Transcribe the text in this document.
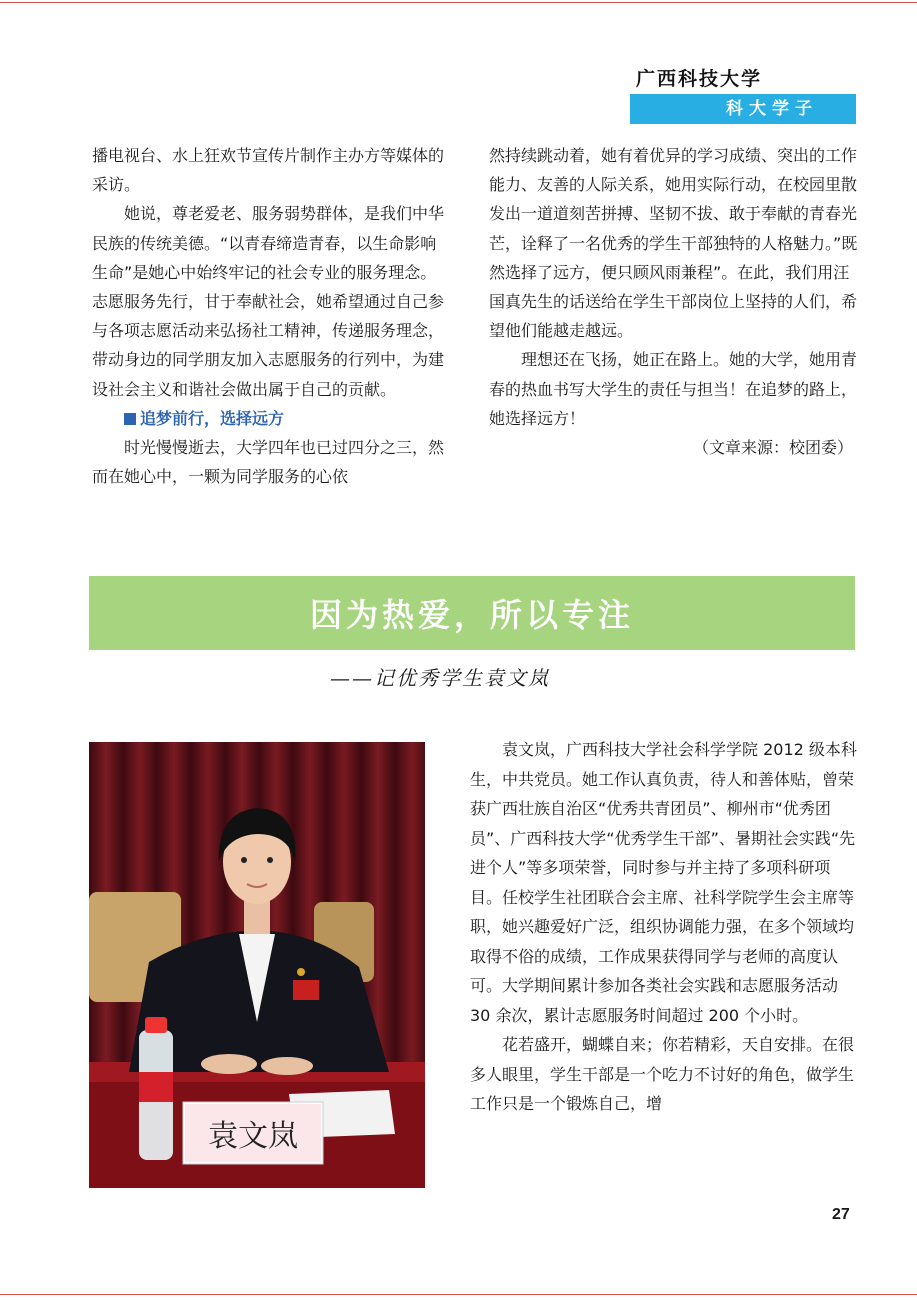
广西科技大学
科大学子

播电视台、水上狂欢节宣传片制作主办方等媒体的采访。

她说，尊老爱老、服务弱势群体，是我们中华民族的传统美德。“以青春缔造青春，以生命影响生命”是她心中始终牢记的社会专业的服务理念。志愿服务先行，甘于奉献社会，她希望通过自己参与各项志愿活动来弘扬社工精神，传递服务理念，带动身边的同学朋友加入志愿服务的行列中，为建设社会主义和谐社会做出属于自己的贡献。

追梦前行，选择远方

时光慢慢逝去，大学四年也已过四分之三，然而在她心中，一颗为同学服务的心依

然持续跳动着，她有着优异的学习成绩、突出的工作能力、友善的人际关系，她用实际行动，在校园里散发出一道道刻苦拼搏、坚韧不拔、敢于奉献的青春光芒，诠释了一名优秀的学生干部独特的人格魅力。”既然选择了远方，便只顾风雨兼程”。在此，我们用汪国真先生的话送给在学生干部岗位上坚持的人们，希望他们能越走越远。

理想还在飞扬，她正在路上。她的大学，她用青春的热血书写大学生的责任与担当！在追梦的路上，她选择远方！

（文章来源：校团委）

因为热爱，所以专注
——记优秀学生袁文岚
袁文岚

袁文岚，广西科技大学社会科学学院 2012 级本科生，中共党员。她工作认真负责，待人和善体贴，曾荣获广西壮族自治区“优秀共青团员”、柳州市“优秀团员”、广西科技大学“优秀学生干部”、暑期社会实践“先进个人”等多项荣誉，同时参与并主持了多项科研项目。任校学生社团联合会主席、社科学院学生会主席等职，她兴趣爱好广泛，组织协调能力强，在多个领域均取得不俗的成绩，工作成果获得同学与老师的高度认可。大学期间累计参加各类社会实践和志愿服务活动 30 余次，累计志愿服务时间超过 200 个小时。

花若盛开，蝴蝶自来；你若精彩，天自安排。在很多人眼里，学生干部是一个吃力不讨好的角色，做学生工作只是一个锻炼自己，增

27
